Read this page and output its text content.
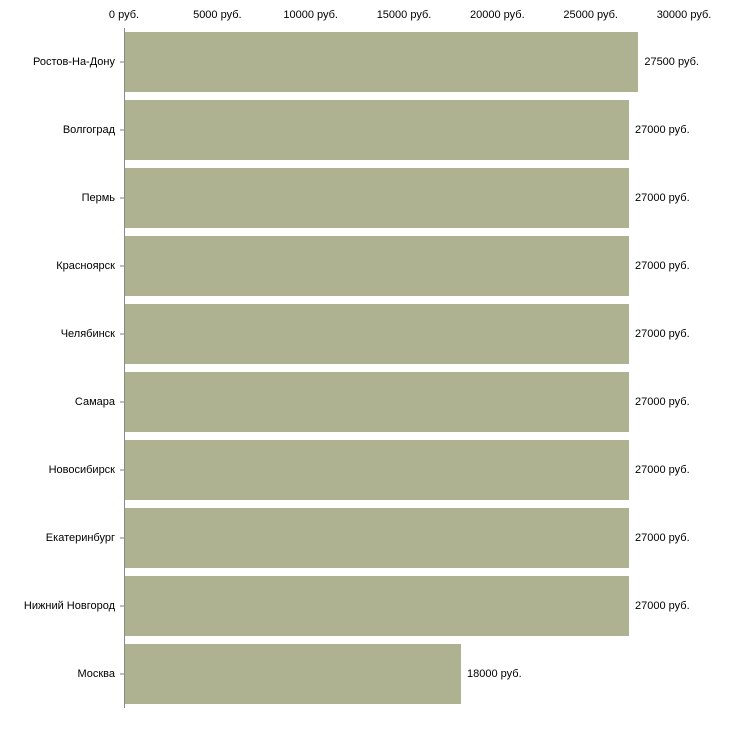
0 руб.	5000 руб.	10000 руб.	15000 руб.	20000 руб.	25000 руб.	30000 руб.
Ростов-На-Дону
Волгоград
Пермь
Красноярск
Челябинск
Самара
Новосибирск
Екатеринбург
Нижний Новгород
Москва
27500 руб.
27000 руб.
27000 руб.
27000 руб.
27000 руб.
27000 руб.
27000 руб.
27000 руб.
27000 руб.
18000 руб.
